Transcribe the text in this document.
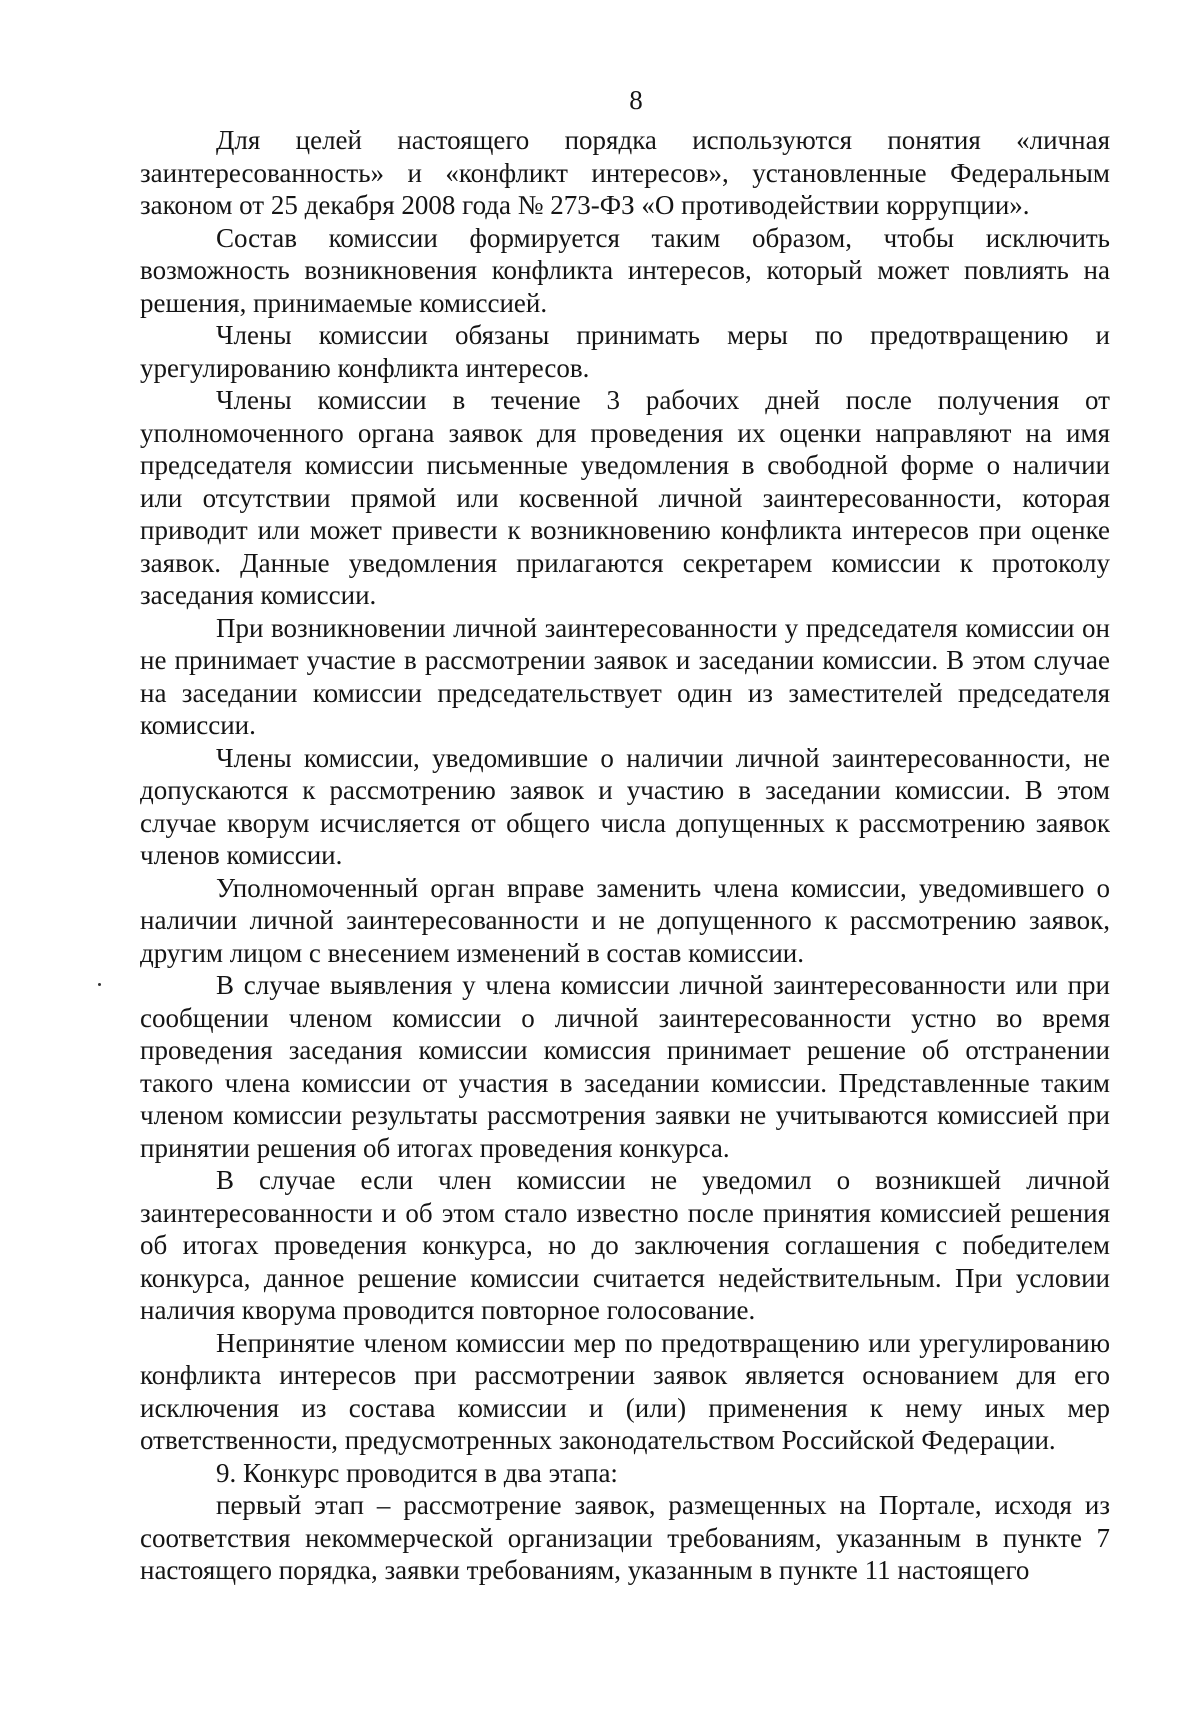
8

Для целей настоящего порядка используются понятия «личная заинтересованность» и «конфликт интересов», установленные Федеральным законом от 25 декабря 2008 года № 273-ФЗ «О противодействии коррупции».

Состав комиссии формируется таким образом, чтобы исключить возможность возникновения конфликта интересов, который может повлиять на решения, принимаемые комиссией.

Члены комиссии обязаны принимать меры по предотвращению и урегулированию конфликта интересов.

Члены комиссии в течение 3 рабочих дней после получения от уполномоченного органа заявок для проведения их оценки направляют на имя председателя комиссии письменные уведомления в свободной форме о наличии или отсутствии прямой или косвенной личной заинтересованности, которая приводит или может привести к возникновению конфликта интересов при оценке заявок. Данные уведомления прилагаются секретарем комиссии к протоколу заседания комиссии.

При возникновении личной заинтересованности у председателя комиссии он не принимает участие в рассмотрении заявок и заседании комиссии. В этом случае на заседании комиссии председательствует один из заместителей председателя комиссии.

Члены комиссии, уведомившие о наличии личной заинтересованности, не допускаются к рассмотрению заявок и участию в заседании комиссии. В этом случае кворум исчисляется от общего числа допущенных к рассмотрению заявок членов комиссии.

Уполномоченный орган вправе заменить члена комиссии, уведомившего о наличии личной заинтересованности и не допущенного к рассмотрению заявок, другим лицом с внесением изменений в состав комиссии.

В случае выявления у члена комиссии личной заинтересованности или при сообщении членом комиссии о личной заинтересованности устно во время проведения заседания комиссии комиссия принимает решение об отстранении такого члена комиссии от участия в заседании комиссии. Представленные таким членом комиссии результаты рассмотрения заявки не учитываются комиссией при принятии решения об итогах проведения конкурса.

В случае если член комиссии не уведомил о возникшей личной заинтересованности и об этом стало известно после принятия комиссией решения об итогах проведения конкурса, но до заключения соглашения с победителем конкурса, данное решение комиссии считается недействительным. При условии наличия кворума проводится повторное голосование.

Непринятие членом комиссии мер по предотвращению или урегулированию конфликта интересов при рассмотрении заявок является основанием для его исключения из состава комиссии и (или) применения к нему иных мер ответственности, предусмотренных законодательством Российской Федерации.

9. Конкурс проводится в два этапа:

первый этап – рассмотрение заявок, размещенных на Портале, исходя из соответствия некоммерческой организации требованиям, указанным в пункте 7 настоящего порядка, заявки требованиям, указанным в пункте 11 настоящего
